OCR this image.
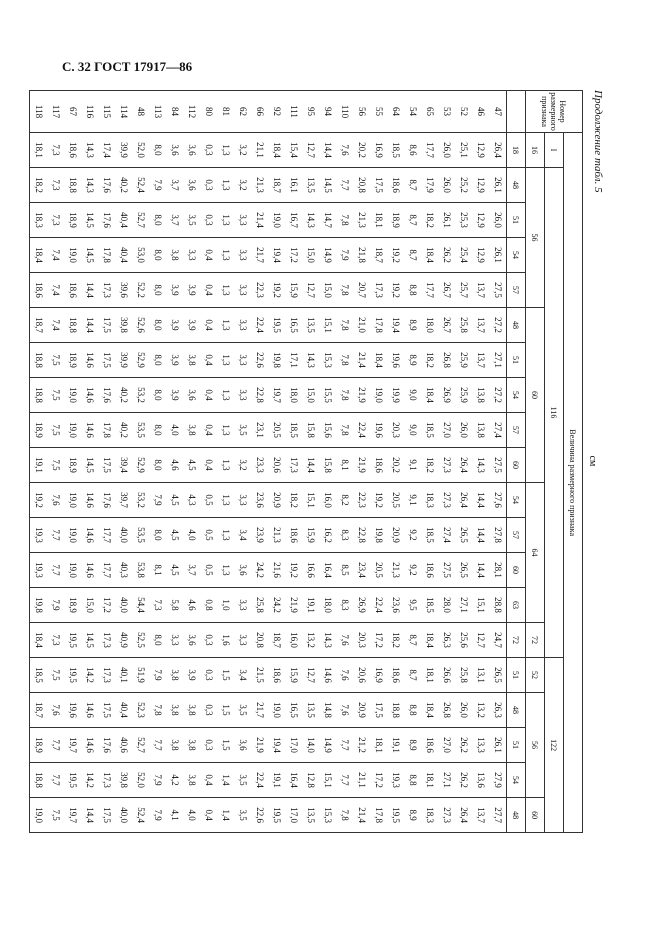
С. 32 ГОСТ 17917—86
Продолжение табл. 5
см
Номер размерного признака	Величина размерного признака																				
	I	116														122					
	16	56				60					64				72	52	56			60	
	18	48	51	54	57	48	51	54	57	60	54	57	60	63	72	51	48	51	54	48	
47	26,4	26,1	26,0	26,1	27,5	27,2	27,1	27,2	27,4	27,5	27,6	27,8	28,1	28,8	24,7	26,5	26,3	26,1	27,9	27,7	
46	12,9	12,9	12,9	12,9	13,7	13,7	13,7	13,8	13,8	14,3	14,4	14,4	14,4	15,1	12,7	13,1	13,2	13,3	13,6	13,7	
52	25,1	25,2	25,3	25,4	25,7	25,8	25,9	25,9	26,0	26,4	26,4	26,5	26,5	27,1	25,6	25,8	26,0	26,2	26,2	26,4	
53	26,0	26,0	26,1	26,2	26,7	26,7	26,8	26,9	27,0	27,3	27,3	27,4	27,5	28,0	26,3	26,6	26,8	27,0	27,1	27,3	
65	17,7	17,9	18,2	18,4	17,7	18,0	18,2	18,4	18,5	18,2	18,3	18,5	18,6	18,5	18,4	18,1	18,4	18,6	18,1	18,3	
54	8,6	8,7	8,7	8,7	8,8	8,9	8,9	9,0	9,0	9,1	9,1	9,2	9,2	9,5	8,7	8,7	8,8	8,9	8,8	8,9	
64	18,5	18,6	18,9	19,2	19,2	19,4	19,6	19,9	20,3	20,2	20,5	20,9	21,3	23,6	18,2	18,6	18,8	19,1	19,3	19,5	
55	16,9	17,5	18,1	18,7	17,3	17,8	18,4	19,0	19,6	18,6	19,2	19,8	20,5	22,4	17,2	16,9	17,5	18,1	17,2	17,8	
56	20,2	20,8	21,3	21,8	20,7	21,0	21,4	21,9	22,4	21,9	22,3	22,8	23,4	26,9	20,3	20,6	20,9	21,2	21,1	21,4	
110	7,6	7,7	7,8	7,9	7,8	7,8	7,8	7,8	7,8	8,1	8,2	8,3	8,5	8,3	7,6	7,6	7,6	7,7	7,7	7,8	
94	14,4	14,5	14,7	14,9	15,0	15,1	15,3	15,5	15,6	15,8	16,0	16,2	16,4	18,0	14,3	14,6	14,8	14,9	15,1	15,3	
95	12,7	13,5	14,3	15,0	12,7	13,5	14,3	15,0	15,8	14,4	15,1	15,9	16,6	19,1	13,2	12,7	13,5	14,0	12,8	13,5	
111	15,4	16,1	16,7	17,2	15,9	16,5	17,1	18,0	18,5	17,3	18,2	18,6	19,2	21,9	16,0	15,9	16,5	17,0	16,4	17,0	
92	18,4	18,7	19,0	19,4	19,2	19,5	19,8	19,7	20,5	20,6	20,9	21,3	21,6	24,2	18,7	18,6	19,0	19,4	19,1	19,5	
66	21,1	21,3	21,4	21,7	22,3	22,4	22,6	22,8	23,1	23,3	23,6	23,9	24,2	25,8	20,8	21,5	21,7	21,9	22,4	22,6	
62	3,2	3,2	3,3	3,3	3,3	3,3	3,3	3,3	3,5	3,2	3,3	3,4	3,6	3,3	3,3	3,4	3,5	3,6	3,5	3,5	
81	1,3	1,3	1,3	1,3	1,3	1,3	1,3	1,3	1,3	1,3	1,3	1,3	1,3	1,0	1,6	1,5	1,5	1,5	1,4	1,4	
80	0,3	0,3	0,3	0,4	0,4	0,4	0,4	0,4	0,4	0,4	0,5	0,5	0,5	0,8	0,3	0,3	0,3	0,3	0,4	0,4	
112	3,6	3,6	3,5	3,3	3,9	3,9	3,8	3,6	3,8	4,5	4,3	4,0	3,7	4,6	3,6	3,9	3,8	3,8	3,8	4,0	
84	3,6	3,7	3,7	3,8	3,9	3,9	3,9	3,9	4,0	4,6	4,5	4,5	4,5	5,8	3,3	3,8	3,8	3,8	4,2	4,1	
113	8,0	7,9	8,0	8,0	8,0	8,0	8,0	8,0	8,0	8,0	7,9	8,0	8,1	7,3	8,0	7,9	7,8	7,7	7,9	7,9	
48	52,0	52,4	52,7	53,0	52,2	52,6	52,9	53,2	53,5	52,9	53,2	53,5	53,8	54,4	52,5	51,9	52,3	52,7	52,0	52,4	
114	39,9	40,2	40,4	40,4	39,6	39,8	39,9	40,2	40,2	39,4	39,7	40,0	40,3	40,0	40,9	40,1	40,4	40,6	39,8	40,0	
115	17,4	17,6	17,6	17,8	17,3	17,5	17,5	17,6	17,8	17,5	17,6	17,7	17,7	17,2	17,3	17,3	17,5	17,6	17,3	17,5	
116	14,3	14,3	14,5	14,5	14,4	14,4	14,6	14,6	14,6	14,5	14,6	14,6	14,6	15,0	14,5	14,2	14,6	14,6	14,2	14,4	
67	18,6	18,8	18,9	19,0	18,6	18,8	18,9	19,0	19,0	18,9	19,0	19,0	19,0	18,9	19,5	19,5	19,6	19,7	19,5	19,7	
117	7,3	7,3	7,3	7,4	7,4	7,4	7,5	7,5	7,5	7,5	7,6	7,7	7,7	7,9	7,3	7,5	7,6	7,7	7,7	7,5	
118	18,1	18,2	18,3	18,4	18,6	18,7	18,8	18,8	18,9	19,1	19,2	19,3	19,3	19,8	18,4	18,5	18,7	18,9	18,8	19,0	
